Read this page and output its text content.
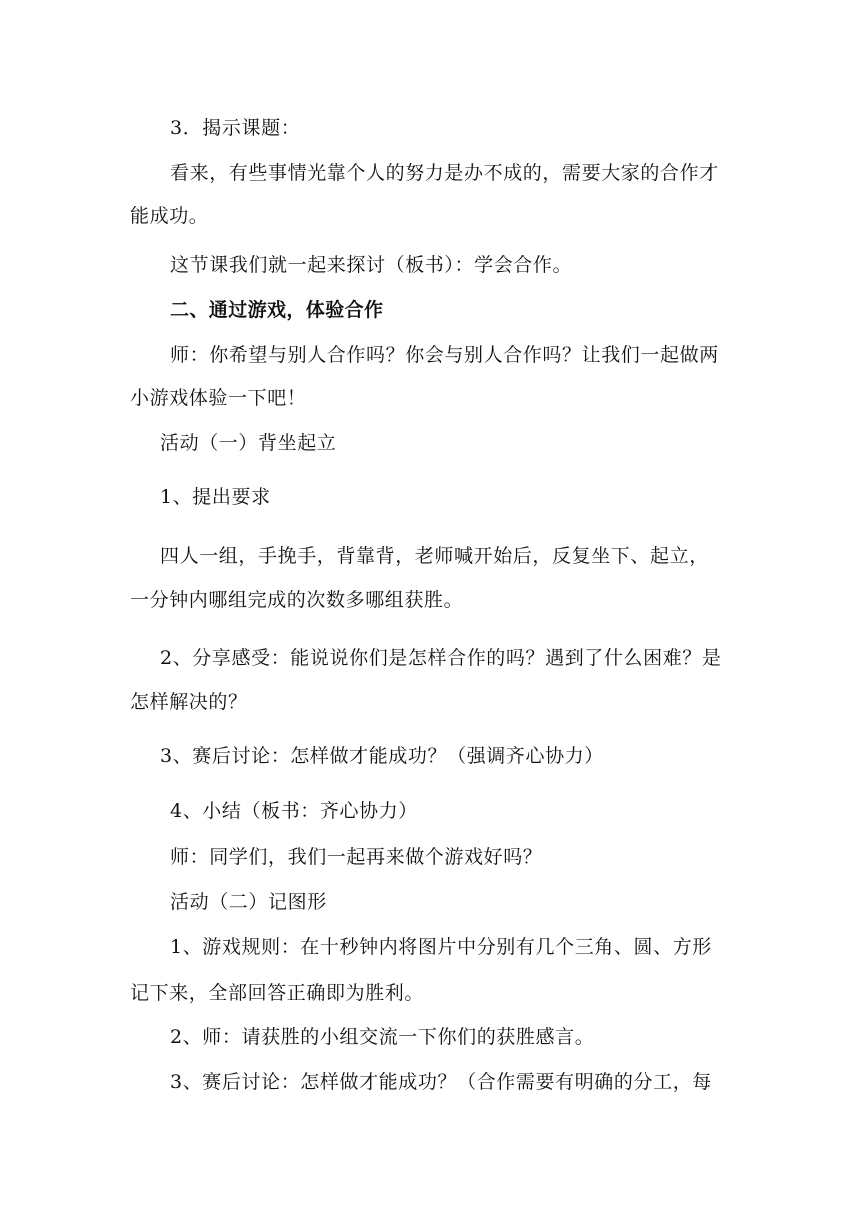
3．揭示课题：
看来，有些事情光靠个人的努力是办不成的，需要大家的合作才
能成功。
这节课我们就一起来探讨（板书）：学会合作。
二、通过游戏，体验合作
师：你希望与别人合作吗？你会与别人合作吗？让我们一起做两
小游戏体验一下吧！
活动（一）背坐起立
1、提出要求
四人一组，手挽手，背靠背，老师喊开始后，反复坐下、起立，
一分钟内哪组完成的次数多哪组获胜。
2、分享感受：能说说你们是怎样合作的吗？遇到了什么困难？是
怎样解决的？
3、赛后讨论：怎样做才能成功？（强调齐心协力）
4、小结（板书：齐心协力）
师：同学们，我们一起再来做个游戏好吗？
活动（二）记图形
1、游戏规则：在十秒钟内将图片中分别有几个三角、圆、方形
记下来，全部回答正确即为胜利。
2、师：请获胜的小组交流一下你们的获胜感言。
3、赛后讨论：怎样做才能成功？（合作需要有明确的分工，每
